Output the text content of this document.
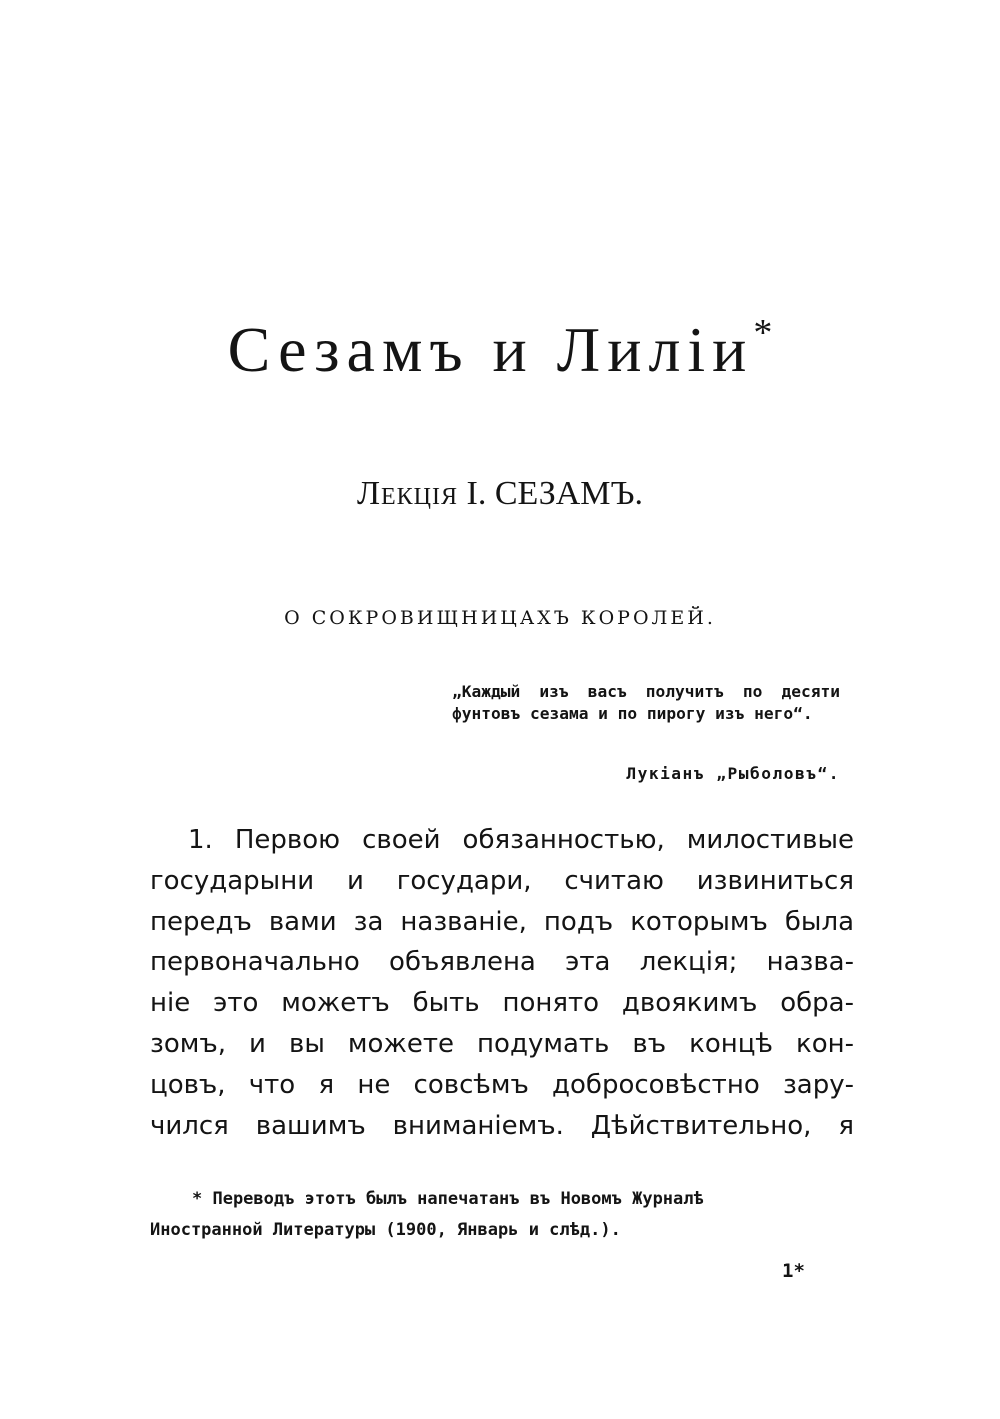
Сезамъ и Лиліи*
Лекція I. СЕЗАМЪ.
О СОКРОВИЩНИЦАХЪ КОРОЛЕЙ.

„Каждый изъ васъ получитъ по десяти фунтовъ сезама и по пирогу изъ него“.

Лукіанъ „Рыболовъ“.

1. Первою своей обязанностью, милостивые
государыни и государи, считаю извиниться
передъ вами за названіе, подъ которымъ была
первоначально объявлена эта лекція; назва-
ніе это можетъ быть понято двоякимъ обра-
зомъ, и вы можете подумать въ концѣ кон-
цовъ, что я не совсѣмъ добросовѣстно зару-
чился вашимъ вниманіемъ. Дѣйствительно, я
* Переводъ этотъ былъ напечатанъ въ Новомъ Журналѣ
Иностранной Литературы (1900, Январь и слѣд.).
1*
